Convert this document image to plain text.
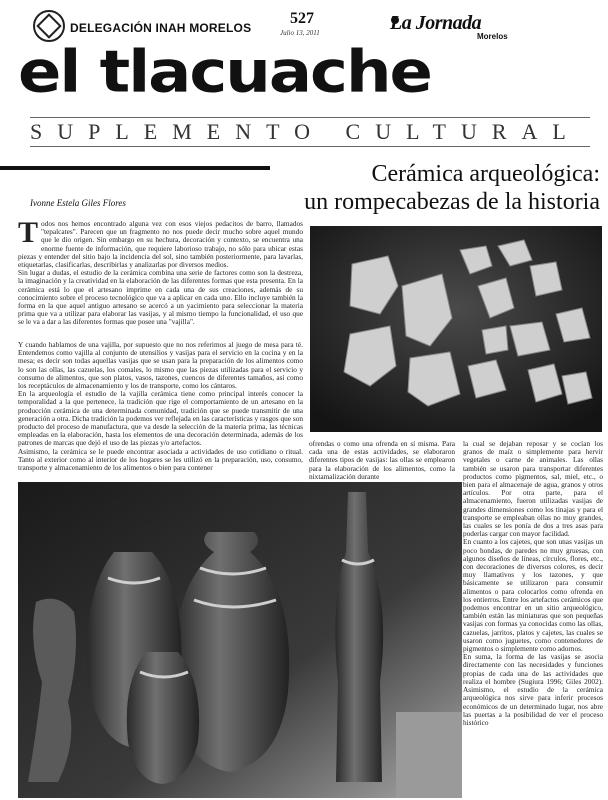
DELEGACIÓN INAH MORELOS
527
Julio 13, 2011	La Jornada
Morelos
el tlacuache
SUPLEMENTO CULTURAL
Cerámica arqueológica:
un rompecabezas de la historia
Ivonne Estela Giles Flores
T odos nos hemos encontrado alguna vez con esos viejos pedacitos de barro, llamados "tepalcates". Parecen que un fragmento no nos puede decir mucho sobre aquel mundo que le dio origen. Sin embargo en su hechura, decoración y contexto, se encuentra una enorme fuente de información, que requiere laborioso trabajo, no sólo para ubicar estas piezas y entender del sitio bajo la incidencia del sol, sino también posteriormente, para lavarlas, etiquetarlas, clasificarlas, describirlas y analizarlas por diversos medios.
Sin lugar a dudas, el estudio de la cerámica combina una serie de factores como son la destreza, la imaginación y la creatividad en la elaboración de las diferentes formas que esta presenta. En la cerámica está lo que el artesano imprime en cada una de sus creaciones, además de su conocimiento sobre el proceso tecnológico que va a aplicar en cada uno. Ello incluye también la forma en la que aquel antiguo artesano se acercó a un yacimiento para seleccionar la materia prima que va a utilizar para elaborar las vasijas, y al mismo tiempo la funcionalidad, el uso que se le va a dar a las diferentes formas que posee una "vajilla".
Y cuando hablamos de una vajilla, por supuesto que no nos referimos al juego de mesa para té. Entendemos como vajilla al conjunto de utensilios y vasijas para el servicio en la cocina y en la mesa; es decir son todas aquellas vasijas que se usan para la preparación de los alimentos como lo son las ollas, las cazuelas, los comales, lo mismo que las piezas utilizadas para el servicio y consumo de alimentos, que son platos, vasos, tazones, cuencos de diferentes tamaños, así como los receptáculos de almacenamiento y los de transporte, como los cántaros.
En la arqueología el estudio de la vajilla cerámica tiene como principal interés conocer la temporalidad a la que pertenece, la tradición que rige el comportamiento de un artesano en la producción cerámica de una determinada comunidad, tradición que se puede transmitir de una generación a otra. Dicha tradición la podemos ver reflejada en las características y rasgos que son producto del proceso de manufactura, que va desde la selección de la materia prima, las técnicas empleadas en la elaboración, hasta los elementos de una decoración determinada, además de los patrones de marcas que dejó el uso de las piezas y/o artefactos.
Asimismo, la cerámica se le puede encontrar asociada a actividades de uso cotidiano o ritual. Tanto al exterior como al interior de los hogares se les utilizó en la preparación, uso, consumo, transporte y almacenamiento de los alimentos o bien para contener
ofrendas o como una ofrenda en sí misma. Para cada una de estas actividades, se elaboraron diferentes tipos de vasijas: las ollas se emplearon para la elaboración de los alimentos, como la nixtamalización durante
la cual se dejaban reposar y se cocían los granos de maíz o simplemente para hervir vegetales o carne de animales. Las ollas también se usaron para transportar diferentes productos como pigmentos, sal, miel, etc., o bien para el almacenaje de agua, granos y otros artículos. Por otra parte, para el almacenamiento, fueron utilizadas vasijas de grandes dimensiones como los tinajas y para el transporte se empleaban ollas no muy grandes, las cuales se les ponía de dos a tres asas para poderlas cargar con mayor facilidad.
En cuanto a los cajetes, que son unas vasijas un poco hondas, de paredes no muy gruesas, con algunos diseños de líneas, círculos, flores, etc., con decoraciones de diversos colores, es decir muy llamativos y los tazones, y que básicamente se utilizaron para consumir alimentos o para colocarlos como ofrenda en los entierros. Entre los artefactos cerámicos que podemos encontrar en un sitio arqueológico, también están las miniaturas que son pequeñas vasijas con formas ya conocidas como las ollas, cazuelas, jarritos, platos y cajetes, las cuales se usaron como juguetes, como contenedores de pigmentos o simplemente como adornos.
En suma, la forma de las vasijas se asocia directamente con las necesidades y funciones propias de cada una de las actividades que realiza el hombre (Sugiura 1996; Giles 2002). Asimismo, el estudio de la cerámica arqueológica nos sirve para inferir procesos económicos de un determinado lugar, nos abre las puertas a la posibilidad de ver el proceso histórico
